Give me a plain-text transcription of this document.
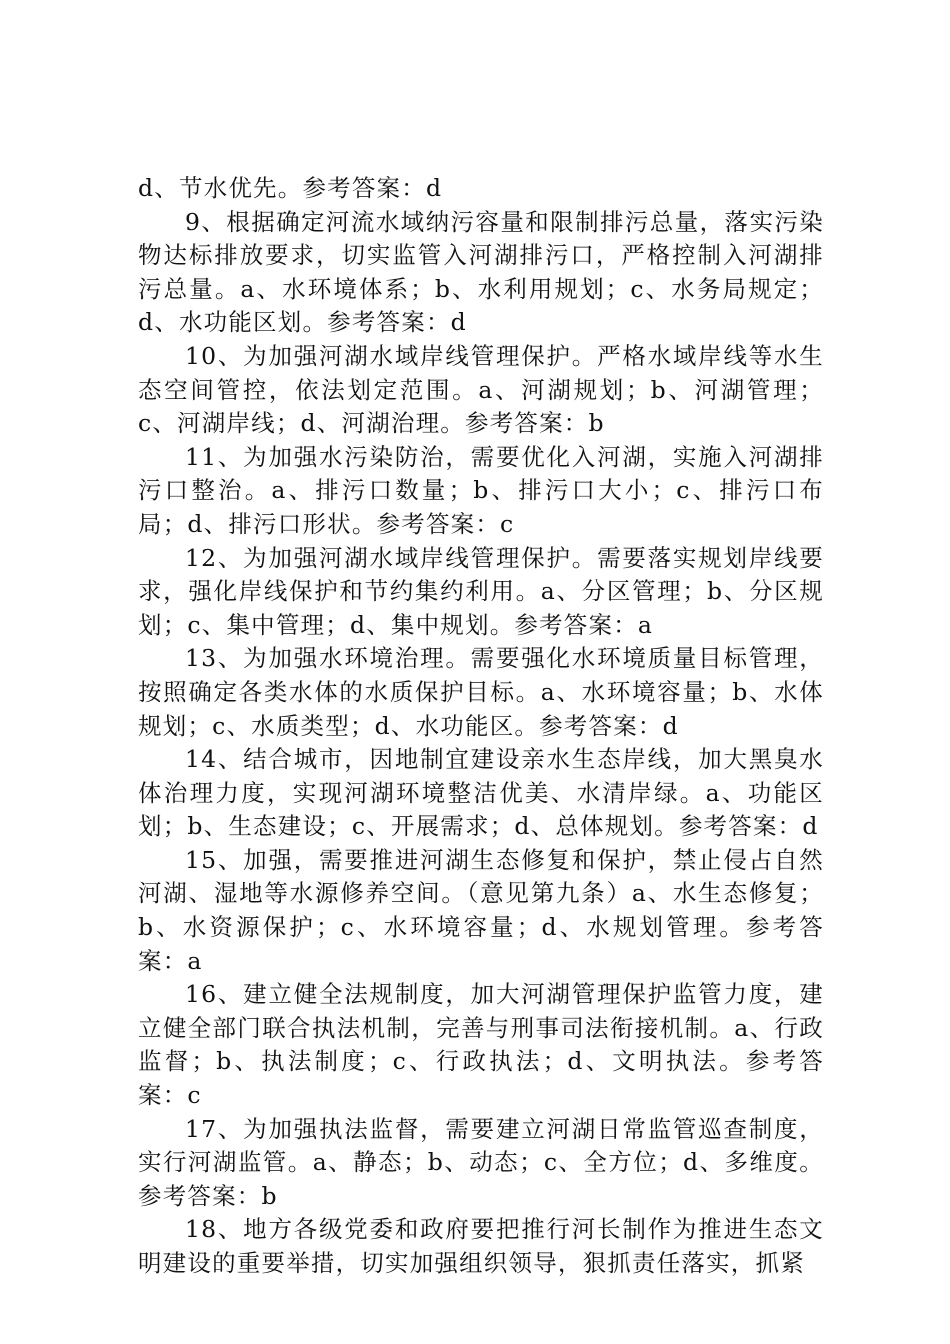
d、节水优先。参考答案：d

9、根据确定河流水域纳污容量和限制排污总量，落实污染物达标排放要求，切实监管入河湖排污口，严格控制入河湖排污总量。a、水环境体系；b、水利用规划；c、水务局规定；d、水功能区划。参考答案：d

10、为加强河湖水域岸线管理保护。严格水域岸线等水生态空间管控，依法划定范围。a、河湖规划；b、河湖管理；c、河湖岸线；d、河湖治理。参考答案：b

11、为加强水污染防治，需要优化入河湖，实施入河湖排污口整治。a、排污口数量；b、排污口大小；c、排污口布局；d、排污口形状。参考答案：c

12、为加强河湖水域岸线管理保护。需要落实规划岸线要求，强化岸线保护和节约集约利用。a、分区管理；b、分区规划；c、集中管理；d、集中规划。参考答案：a

13、为加强水环境治理。需要强化水环境质量目标管理，按照确定各类水体的水质保护目标。a、水环境容量；b、水体规划；c、水质类型；d、水功能区。参考答案：d

14、结合城市，因地制宜建设亲水生态岸线，加大黑臭水体治理力度，实现河湖环境整洁优美、水清岸绿。a、功能区划；b、生态建设；c、开展需求；d、总体规划。参考答案：d

15、加强，需要推进河湖生态修复和保护，禁止侵占自然河湖、湿地等水源修养空间。（意见第九条）a、水生态修复；b、水资源保护；c、水环境容量；d、水规划管理。参考答案：a

16、建立健全法规制度，加大河湖管理保护监管力度，建立健全部门联合执法机制，完善与刑事司法衔接机制。a、行政监督；b、执法制度；c、行政执法；d、文明执法。参考答案：c

17、为加强执法监督，需要建立河湖日常监管巡查制度，实行河湖监管。a、静态；b、动态；c、全方位；d、多维度。参考答案：b

18、地方各级党委和政府要把推行河长制作为推进生态文明建设的重要举措，切实加强组织领导，狠抓责任落实，抓紧
